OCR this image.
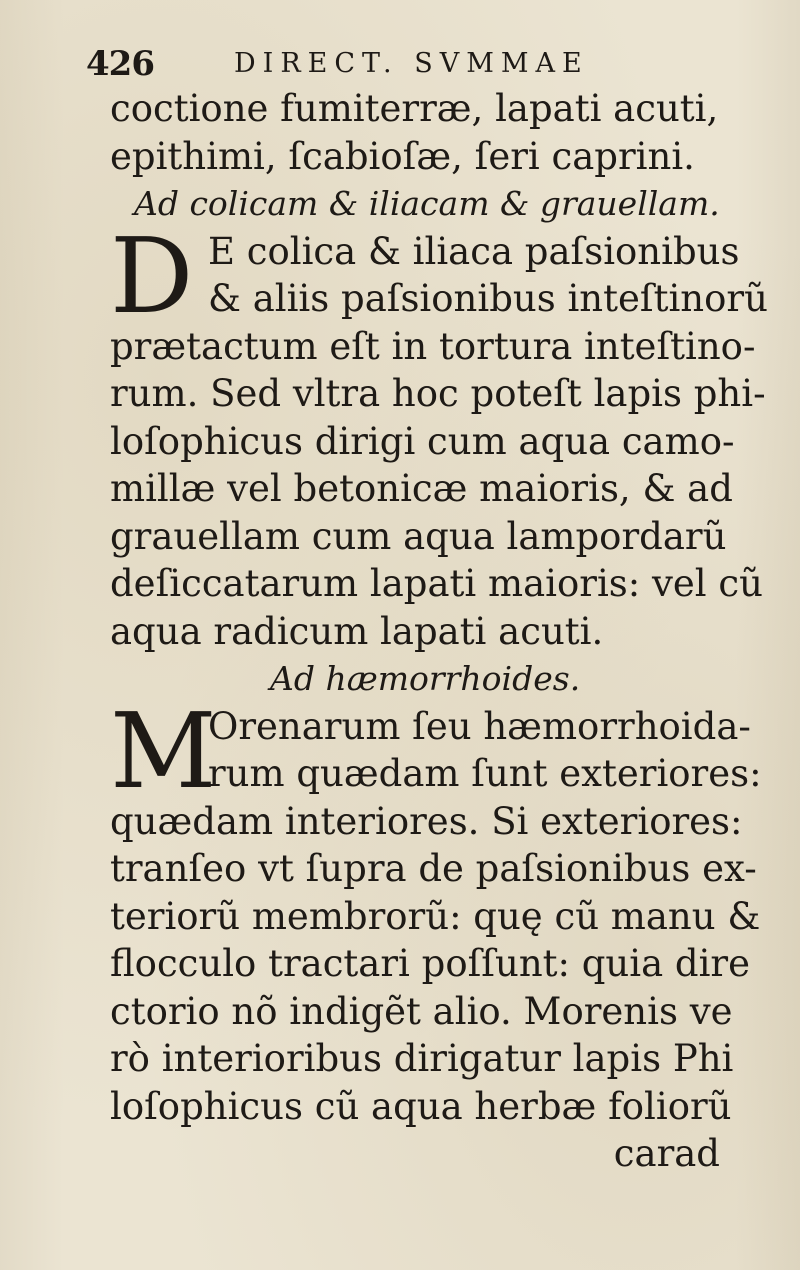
426	DIRECT. SVMMAE
coctione fumiterræ, lapati acuti,
epithimi, ſcabioſæ, ſeri caprini.
Ad colicam & iliacam & grauellam.
D E colica & iliaca paſsionibus
& aliis paſsionibus inteſtinorũ
prætactum eſt in tortura inteſtino-
rum. Sed vltra hoc poteſt lapis phi-
loſophicus dirigi cum aqua camo-
millæ vel betonicæ maioris, & ad
grauellam cum aqua lampordarũ
deſiccatarum lapati maioris: vel cũ
aqua radicum lapati acuti.
Ad hæmorrhoides.
M
Orenarum ſeu hæmorrhoida-
rum quædam ſunt exteriores:
quædam interiores. Si exteriores:
tranſeo vt ſupra de paſsionibus ex-
teriorũ membrorũ: quę cũ manu &
flocculo tractari poſſunt: quia dire
ctorio nõ indigẽt alio. Morenis ve
rò interioribus dirigatur lapis Phi
loſophicus cũ aqua herbæ foliorũ
carad
